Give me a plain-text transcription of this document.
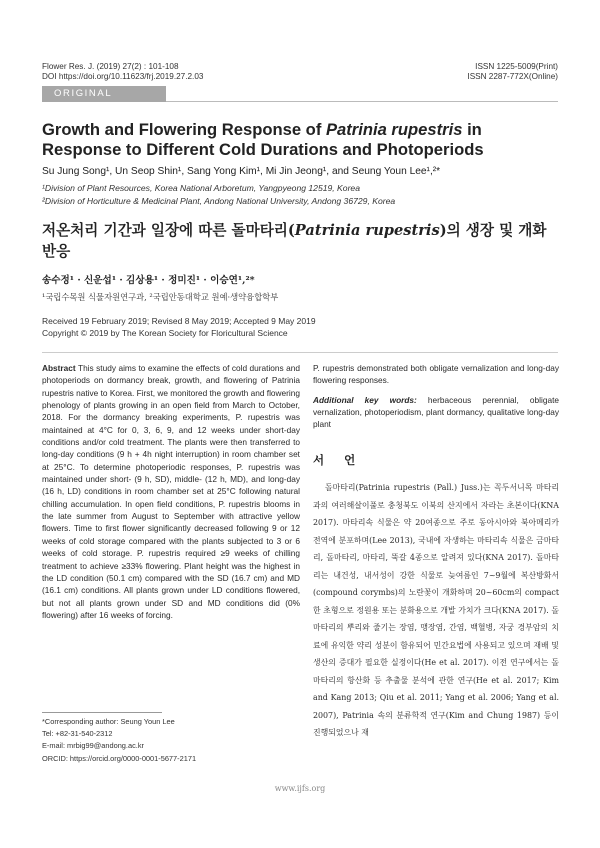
Flower Res. J. (2019) 27(2) : 101-108
DOI https://doi.org/10.11623/frj.2019.27.2.03
ISSN 1225-5009(Print)
ISSN 2287-772X(Online)
ORIGINAL ARTICLE
Growth and Flowering Response of Patrinia rupestris in Response to Different Cold Durations and Photoperiods
Su Jung Song¹, Un Seop Shin¹, Sang Yong Kim¹, Mi Jin Jeong¹, and Seung Youn Lee¹,²*
¹Division of Plant Resources, Korea National Arboretum, Yangpyeong 12519, Korea
²Division of Horticulture & Medicinal Plant, Andong National University, Andong 36729, Korea
저온처리 기간과 일장에 따른 돌마타리(Patrinia rupestris)의 생장 및 개화 반응
송수정¹ · 신운섭¹ · 김상용¹ · 정미진¹ · 이승연¹,²*
¹국립수목원 식물자원연구과, ²국립안동대학교 원예·생약융합학부
Received 19 February 2019; Revised 8 May 2019; Accepted 9 May 2019
Copyright © 2019 by The Korean Society for Floricultural Science
Abstract This study aims to examine the effects of cold durations and photoperiods on dormancy break, growth, and flowering of Patrinia rupestris native to Korea. First, we monitored the growth and flowering phenology of plants growing in an open field from March to October, 2018. For the dormancy breaking experiments, P. rupestris was maintained at 4°C for 0, 3, 6, 9, and 12 weeks under short-day conditions and/or cold treatment. The plants were then transferred to long-day conditions (9 h + 4h night interruption) in room chamber set at 25°C. To determine photoperiodic responses, P. rupestris was maintained under short- (9 h, SD), middle- (12 h, MD), and long-day (16 h, LD) conditions in room chamber set at 25°C following natural chilling accumulation. In open field conditions, P. rupestris blooms in the late summer from August to September with attractive yellow flowers. Time to first flower significantly decreased following 9 or 12 weeks of cold storage compared with the plants subjected to 3 or 6 weeks of cold storage. P. rupestris required ≥9 weeks of chilling treatment to achieve ≥33% flowering. Plant height was the highest in the LD condition (50.1 cm) compared with the SD (16.7 cm) and MD (16.1 cm) conditions. All plants grown under LD conditions flowered, but not all plants grown under SD and MD conditions did (0% flowering) after 16 weeks of forcing.
P. rupestris demonstrated both obligate vernalization and long-day flowering responses.
Additional key words: herbaceous perennial, obligate vernalization, photoperiodism, plant dormancy, qualitative long-day plant
서 언
돌마타리(Patrinia rupestris (Pall.) Juss.)는 꼭두서니목 마타리과의 여러해살이풀로 충청북도 이북의 산지에서 자라는 초본이다(KNA 2017). 마타리속 식물은 약 20여종으로 주로 동아시아와 북아메리카 전역에 분포하며(Lee 2013), 국내에 자생하는 마타리속 식물은 금마타리, 돌마타리, 마타리, 뚝갈 4종으로 알려져 있다(KNA 2017). 돌마타리는 내건성, 내서성이 강한 식물로 늦여름인 7~9월에 복산방화서(compound corymbs)의 노란꽃이 개화하며 20~60cm의 compact한 초형으로 정원용 또는 분화용으로 개발 가치가 크다(KNA 2017). 돌마타리의 뿌리와 줄기는 장염, 맹장염, 간염, 백혈병, 자궁 경부암의 치료에 유익한 약리 성분이 함유되어 민간요법에 사용되고 있으며 재배 및 생산의 증대가 필요한 실정이다(He et al. 2017). 이전 연구에서는 돌마타리의 항산화 등 추출물 분석에 관한 연구(He et al. 2017; Kim and Kang 2013; Qiu et al. 2011; Yang et al. 2006; Yang et al. 2007), Patrinia 속의 분류학적 연구(Kim and Chung 1987) 등이 진행되었으나 재
*Corresponding author: Seung Youn Lee
Tel: +82-31-540-2312
E-mail: mrbig99@andong.ac.kr
ORCID: https://orcid.org/0000-0001-5677-2171
www.ijfs.org
